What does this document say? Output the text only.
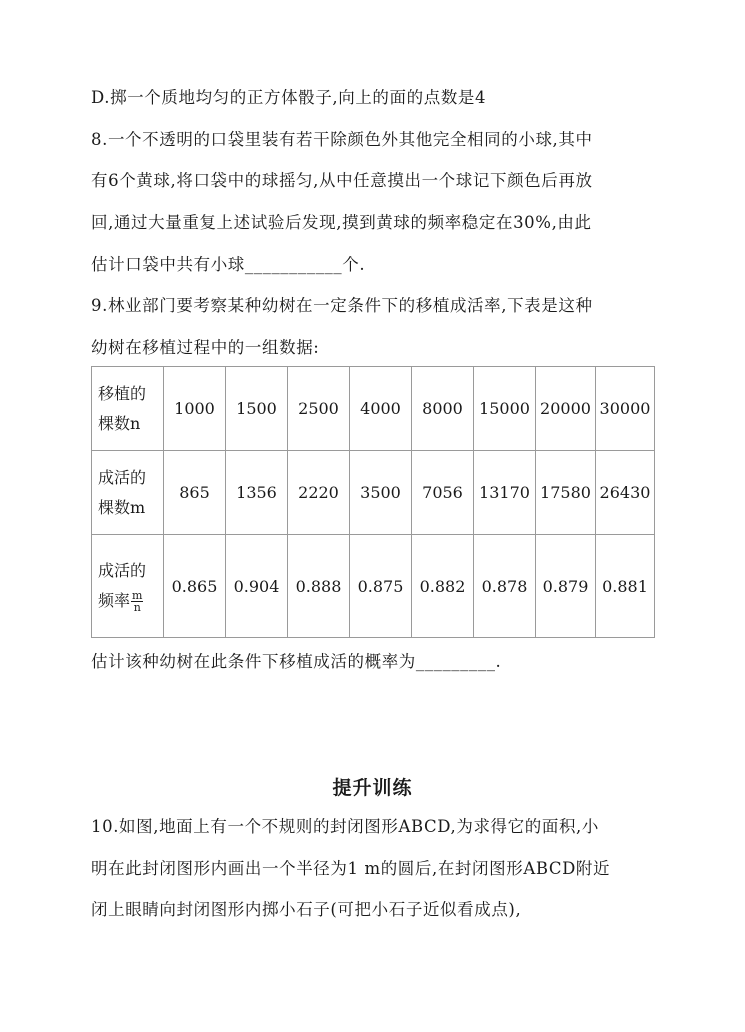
D.掷一个质地均匀的正方体骰子,向上的面的点数是4
8.一个不透明的口袋里装有若干除颜色外其他完全相同的小球,其中
有6个黄球,将口袋中的球摇匀,从中任意摸出一个球记下颜色后再放
回,通过大量重复上述试验后发现,摸到黄球的频率稳定在30%,由此
估计口袋中共有小球___________个.
9.林业部门要考察某种幼树在一定条件下的移植成活率,下表是这种
幼树在移植过程中的一组数据:
移植的
棵数n	1000	1500	2500	4000	8000	15000	20000	30000
成活的
棵数m	865	1356	2220	3500	7056	13170	17580	26430
成活的
频率 $\frac{m}{n}$	0.865	0.904	0.888	0.875	0.882	0.878	0.879	0.881
估计该种幼树在此条件下移植成活的概率为_________.
提升训练
10.如图,地面上有一个不规则的封闭图形ABCD,为求得它的面积,小
明在此封闭图形内画出一个半径为1 m的圆后,在封闭图形ABCD附近
闭上眼睛向封闭图形内掷小石子(可把小石子近似看成点),
